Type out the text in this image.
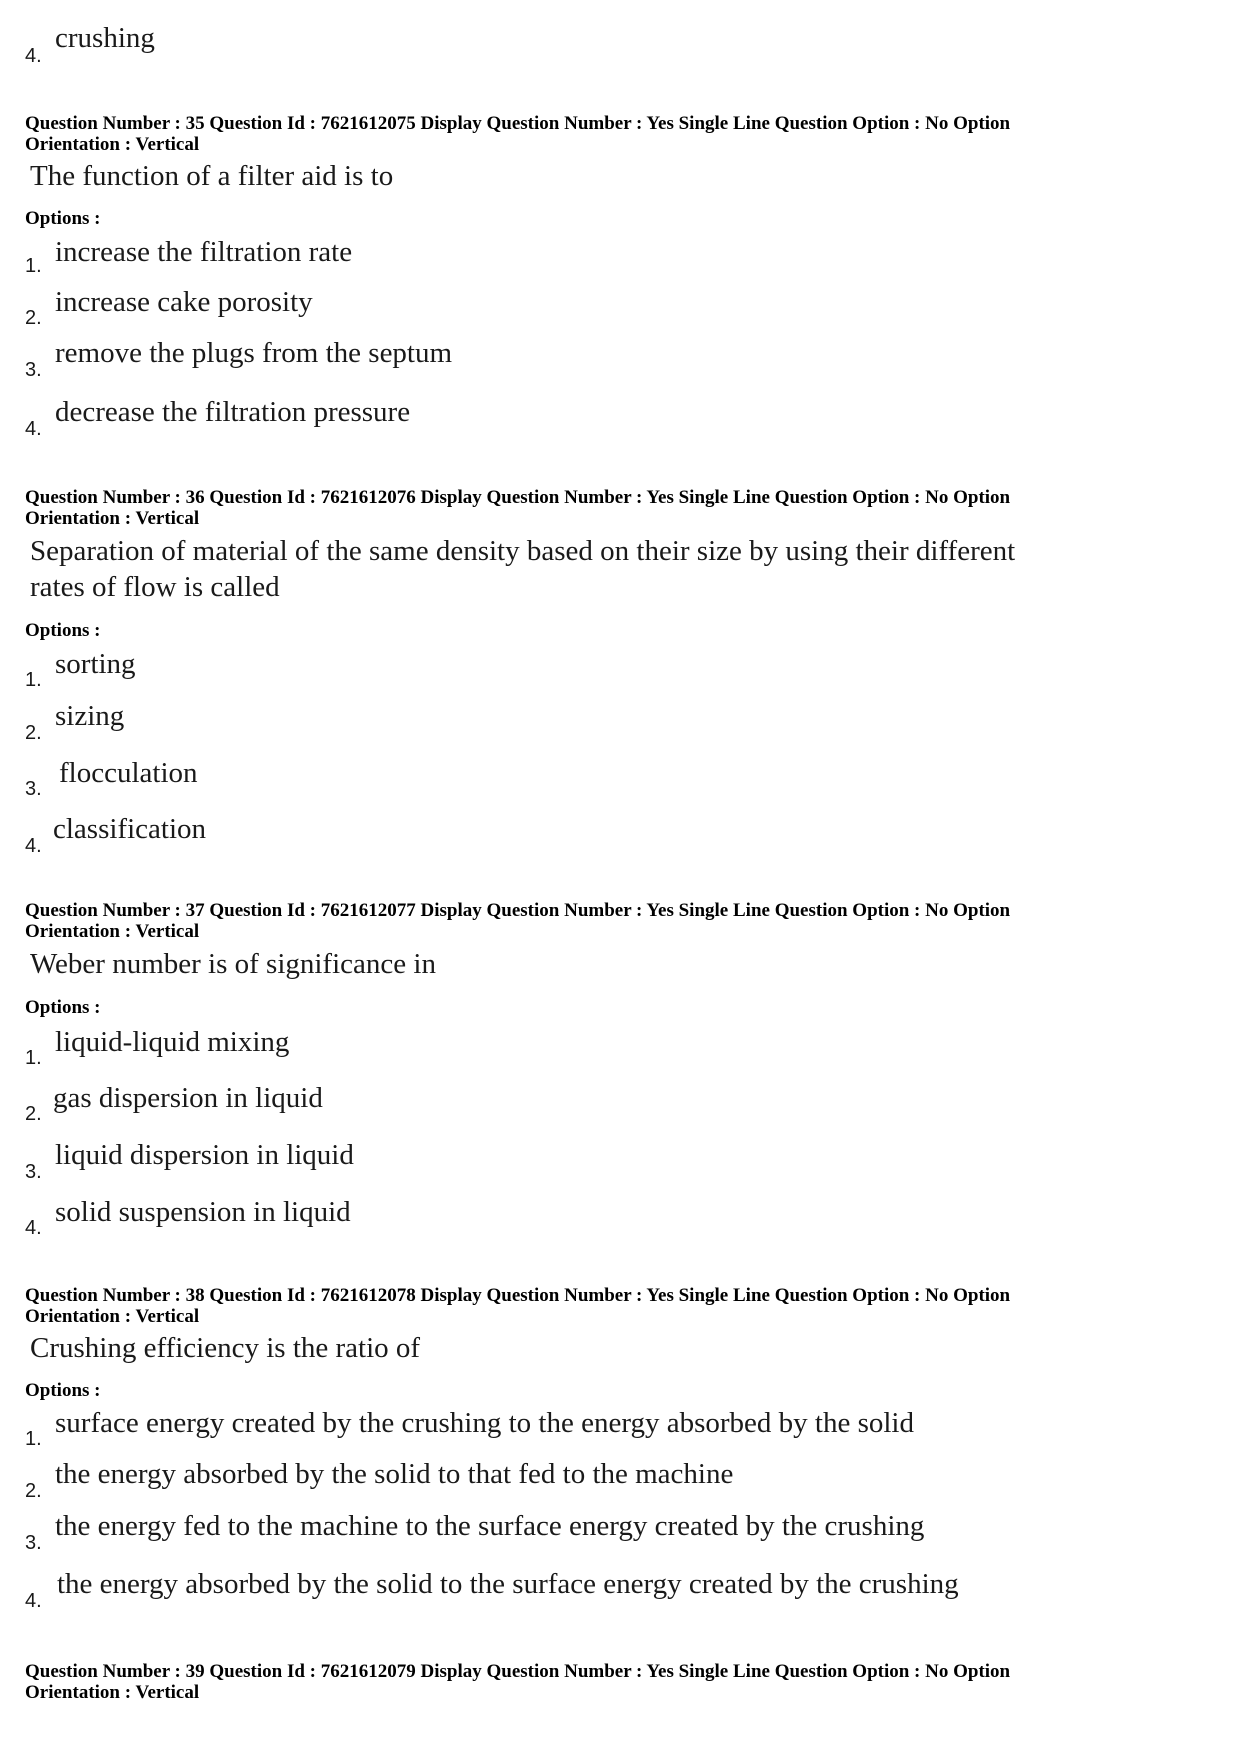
4.
crushing
Question Number : 35 Question Id : 7621612075 Display Question Number : Yes Single Line Question Option : No Option
Orientation : Vertical
The function of a filter aid is to
Options :
1. increase the filtration rate
2. increase cake porosity
3.
remove the plugs from the septum
4.
decrease the filtration pressure
Question Number : 36 Question Id : 7621612076 Display Question Number : Yes Single Line Question Option : No Option
Orientation : Vertical
Separation of material of the same density based on their size by using their different
rates of flow is called
Options :
1. sorting
2.
sizing
3. flocculation
4.
classification
Question Number : 37 Question Id : 7621612077 Display Question Number : Yes Single Line Question Option : No Option
Orientation : Vertical
Weber number is of significance in
Options :
1. liquid-liquid mixing
2. gas dispersion in liquid
3.
liquid dispersion in liquid
4. solid suspension in liquid
Question Number : 38 Question Id : 7621612078 Display Question Number : Yes Single Line Question Option : No Option
Orientation : Vertical
Crushing efficiency is the ratio of
Options :
1. surface energy created by the crushing to the energy absorbed by the solid
2.
the energy absorbed by the solid to that fed to the machine
3.
the energy fed to the machine to the surface energy created by the crushing
4.
the energy absorbed by the solid to the surface energy created by the crushing
Question Number : 39 Question Id : 7621612079 Display Question Number : Yes Single Line Question Option : No Option
Orientation : Vertical
